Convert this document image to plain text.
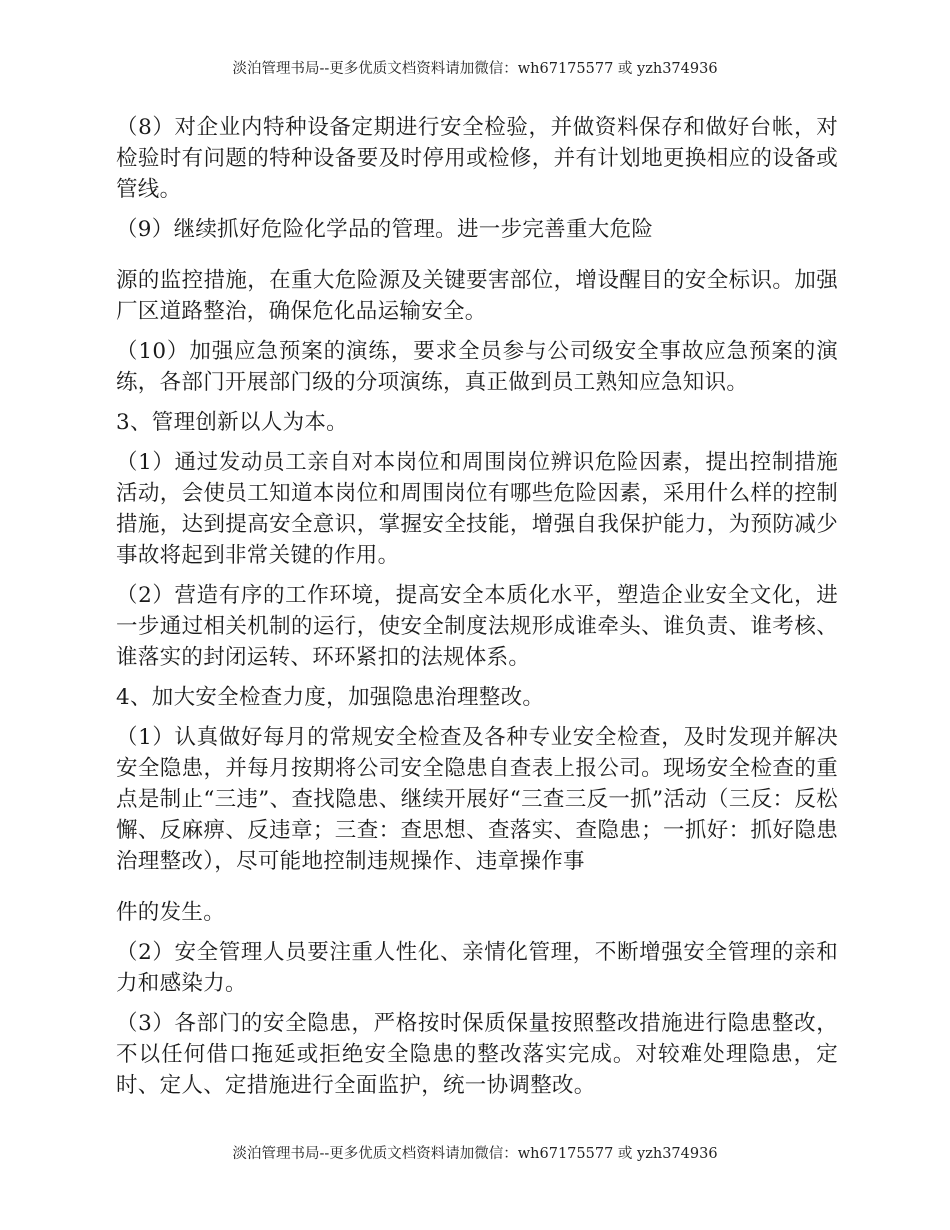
淡泊管理书局--更多优质文档资料请加微信：wh67175577 或 yzh374936

（8）对企业内特种设备定期进行安全检验，并做资料保存和做好台帐，对检验时有问题的特种设备要及时停用或检修，并有计划地更换相应的设备或管线。

（9）继续抓好危险化学品的管理。进一步完善重大危险

源的监控措施，在重大危险源及关键要害部位，增设醒目的安全标识。加强厂区道路整治，确保危化品运输安全。

（10）加强应急预案的演练，要求全员参与公司级安全事故应急预案的演练，各部门开展部门级的分项演练，真正做到员工熟知应急知识。

3、管理创新以人为本。

（1）通过发动员工亲自对本岗位和周围岗位辨识危险因素，提出控制措施活动，会使员工知道本岗位和周围岗位有哪些危险因素，采用什么样的控制措施，达到提高安全意识，掌握安全技能，增强自我保护能力，为预防减少事故将起到非常关键的作用。

（2）营造有序的工作环境，提高安全本质化水平，塑造企业安全文化，进一步通过相关机制的运行，使安全制度法规形成谁牵头、谁负责、谁考核、谁落实的封闭运转、环环紧扣的法规体系。

4、加大安全检查力度，加强隐患治理整改。

（1）认真做好每月的常规安全检查及各种专业安全检查，及时发现并解决安全隐患，并每月按期将公司安全隐患自查表上报公司。现场安全检查的重点是制止“三违”、查找隐患、继续开展好“三查三反一抓”活动（三反：反松懈、反麻痹、反违章；三查：查思想、查落实、查隐患；一抓好：抓好隐患治理整改），尽可能地控制违规操作、违章操作事

件的发生。

（2）安全管理人员要注重人性化、亲情化管理，不断增强安全管理的亲和力和感染力。

（3）各部门的安全隐患，严格按时保质保量按照整改措施进行隐患整改，不以任何借口拖延或拒绝安全隐患的整改落实完成。对较难处理隐患，定时、定人、定措施进行全面监护，统一协调整改。

淡泊管理书局--更多优质文档资料请加微信：wh67175577 或 yzh374936
